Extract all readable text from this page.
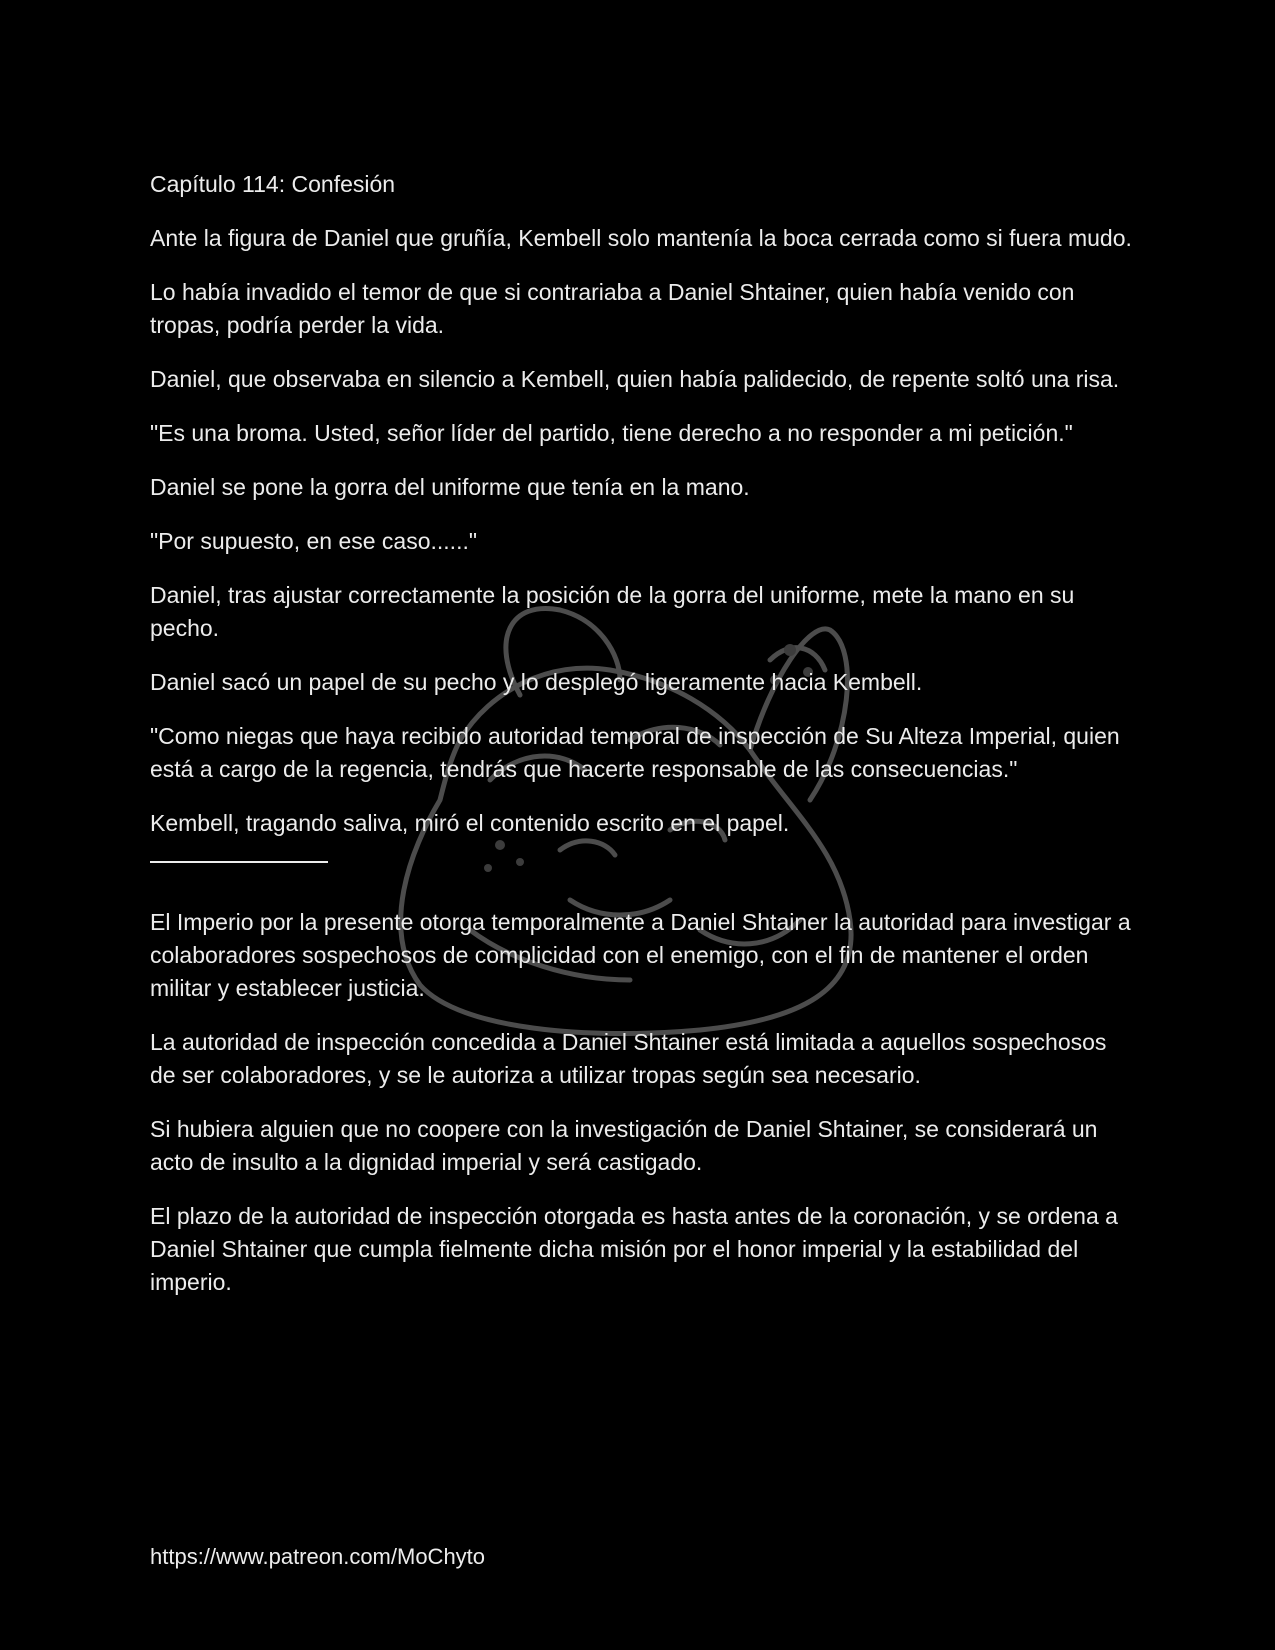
Capítulo 114: Confesión

Ante la figura de Daniel que gruñía, Kembell solo mantenía la boca cerrada como si fuera mudo.

Lo había invadido el temor de que si contrariaba a Daniel Shtainer, quien había venido con tropas, podría perder la vida.

Daniel, que observaba en silencio a Kembell, quien había palidecido, de repente soltó una risa.

"Es una broma. Usted, señor líder del partido, tiene derecho a no responder a mi petición."

Daniel se pone la gorra del uniforme que tenía en la mano.

"Por supuesto, en ese caso......"

Daniel, tras ajustar correctamente la posición de la gorra del uniforme, mete la mano en su pecho.

Daniel sacó un papel de su pecho y lo desplegó ligeramente hacia Kembell.

"Como niegas que haya recibido autoridad temporal de inspección de Su Alteza Imperial, quien está a cargo de la regencia, tendrás que hacerte responsable de las consecuencias."

Kembell, tragando saliva, miró el contenido escrito en el papel.

El Imperio por la presente otorga temporalmente a Daniel Shtainer la autoridad para investigar a colaboradores sospechosos de complicidad con el enemigo, con el fin de mantener el orden militar y establecer justicia.

La autoridad de inspección concedida a Daniel Shtainer está limitada a aquellos sospechosos de ser colaboradores, y se le autoriza a utilizar tropas según sea necesario.

Si hubiera alguien que no coopere con la investigación de Daniel Shtainer, se considerará un acto de insulto a la dignidad imperial y será castigado.

El plazo de la autoridad de inspección otorgada es hasta antes de la coronación, y se ordena a Daniel Shtainer que cumpla fielmente dicha misión por el honor imperial y la estabilidad del imperio.

https://www.patreon.com/MoChyto
